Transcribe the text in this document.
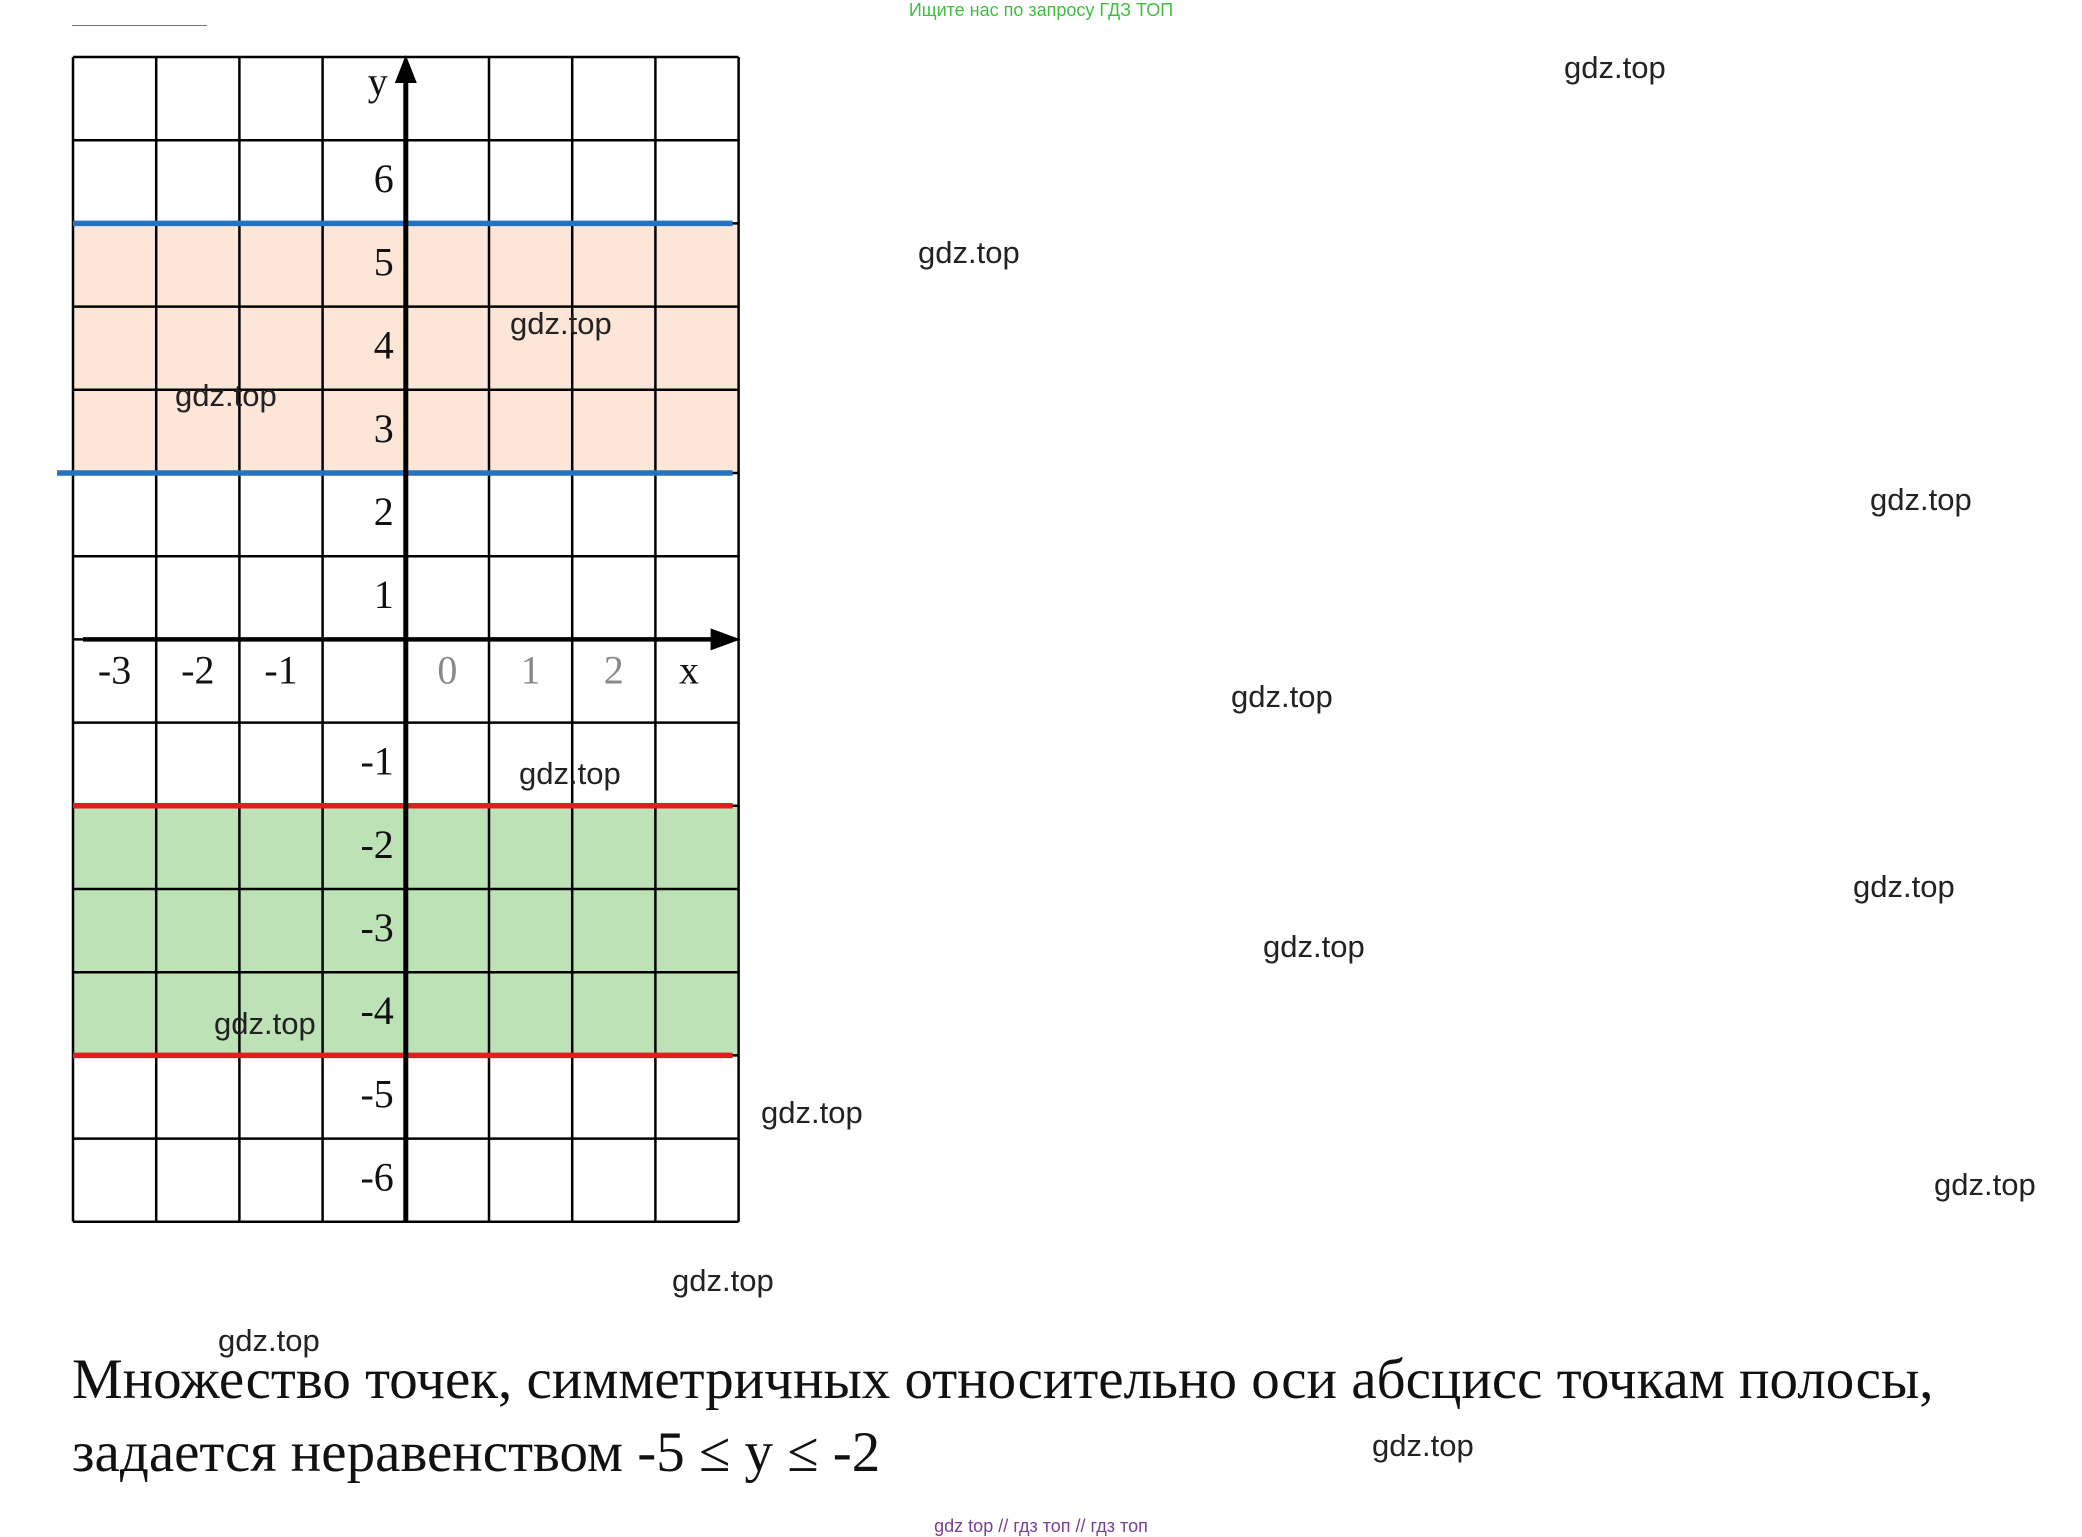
Ищите нас по запросу ГДЗ ТОП
y
x
-3 -2 -1	0 1 2
6
5
4
3
2
1
-1
-2
-3
-4
-5
-6
gdz.top
gdz.top
gdz.top
gdz.top
gdz.top
gdz.top
gdz.top
gdz.top
gdz.top
gdz.top
gdz.top
gdz.top
gdz.top
gdz.top
gdz.top
Множество точек, симметричных относительно оси абсцисс точкам полосы,
задается неравенством -5 ≤ y ≤ -2
gdz top // гдз топ // гдз топ
